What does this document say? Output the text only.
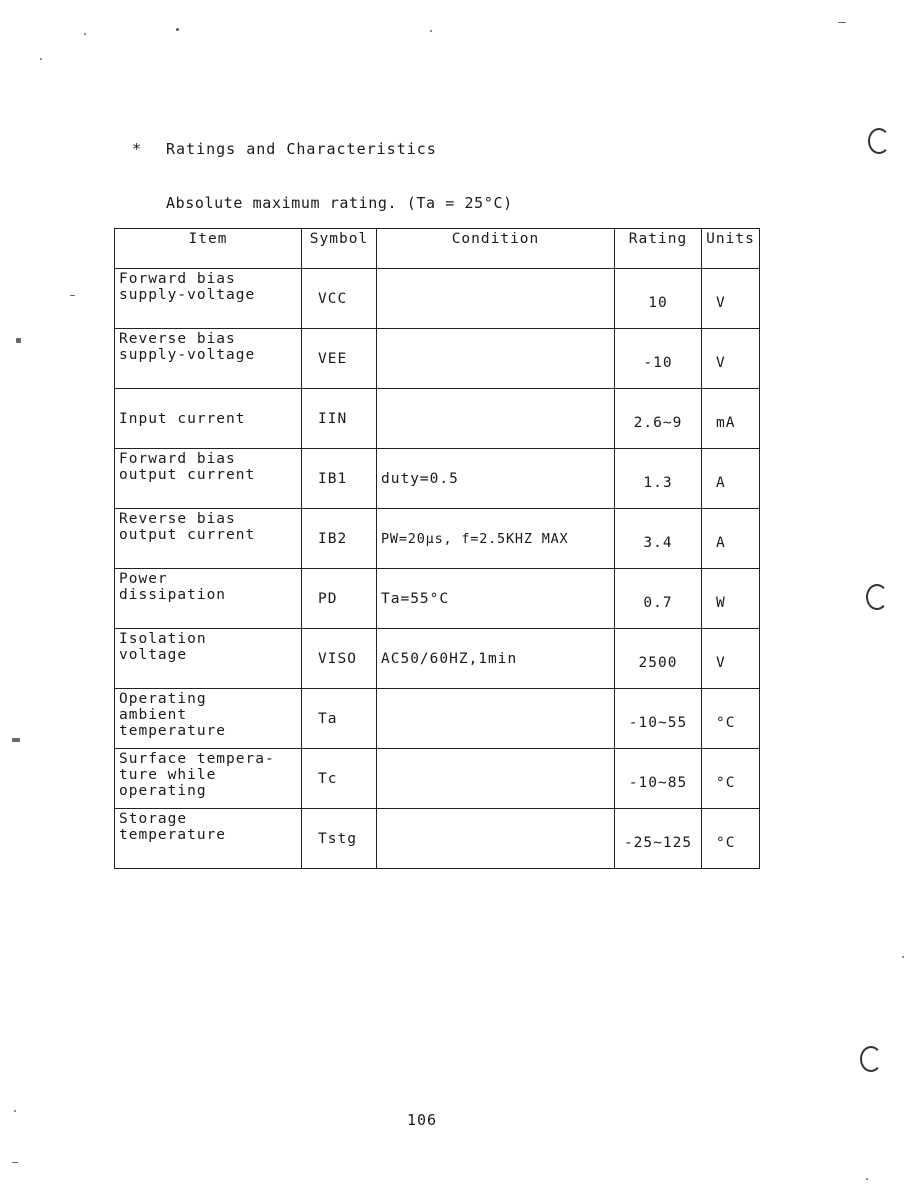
* Ratings and Characteristics
Absolute maximum rating. (Ta = 25°C)
Item	Symbol	Condition	Rating	Units
Forward bias
supply-voltage	VCC		10	V
Reverse bias
supply-voltage	VEE		-10	V
Input current	IIN		2.6~9	mA
Forward bias
output current	IB1	duty=0.5	1.3	A
Reverse bias
output current	IB2	PW=20μs, f=2.5KHZ MAX	3.4	A
Power
dissipation	PD	Ta=55°C	0.7	W
Isolation
voltage	VISO	AC50/60HZ,1min	2500	V
Operating
ambient
temperature	Ta		-10~55	°C
Surface tempera-
ture while
operating	Tc		-10~85	°C
Storage
temperature	Tstg		-25~125	°C
106
